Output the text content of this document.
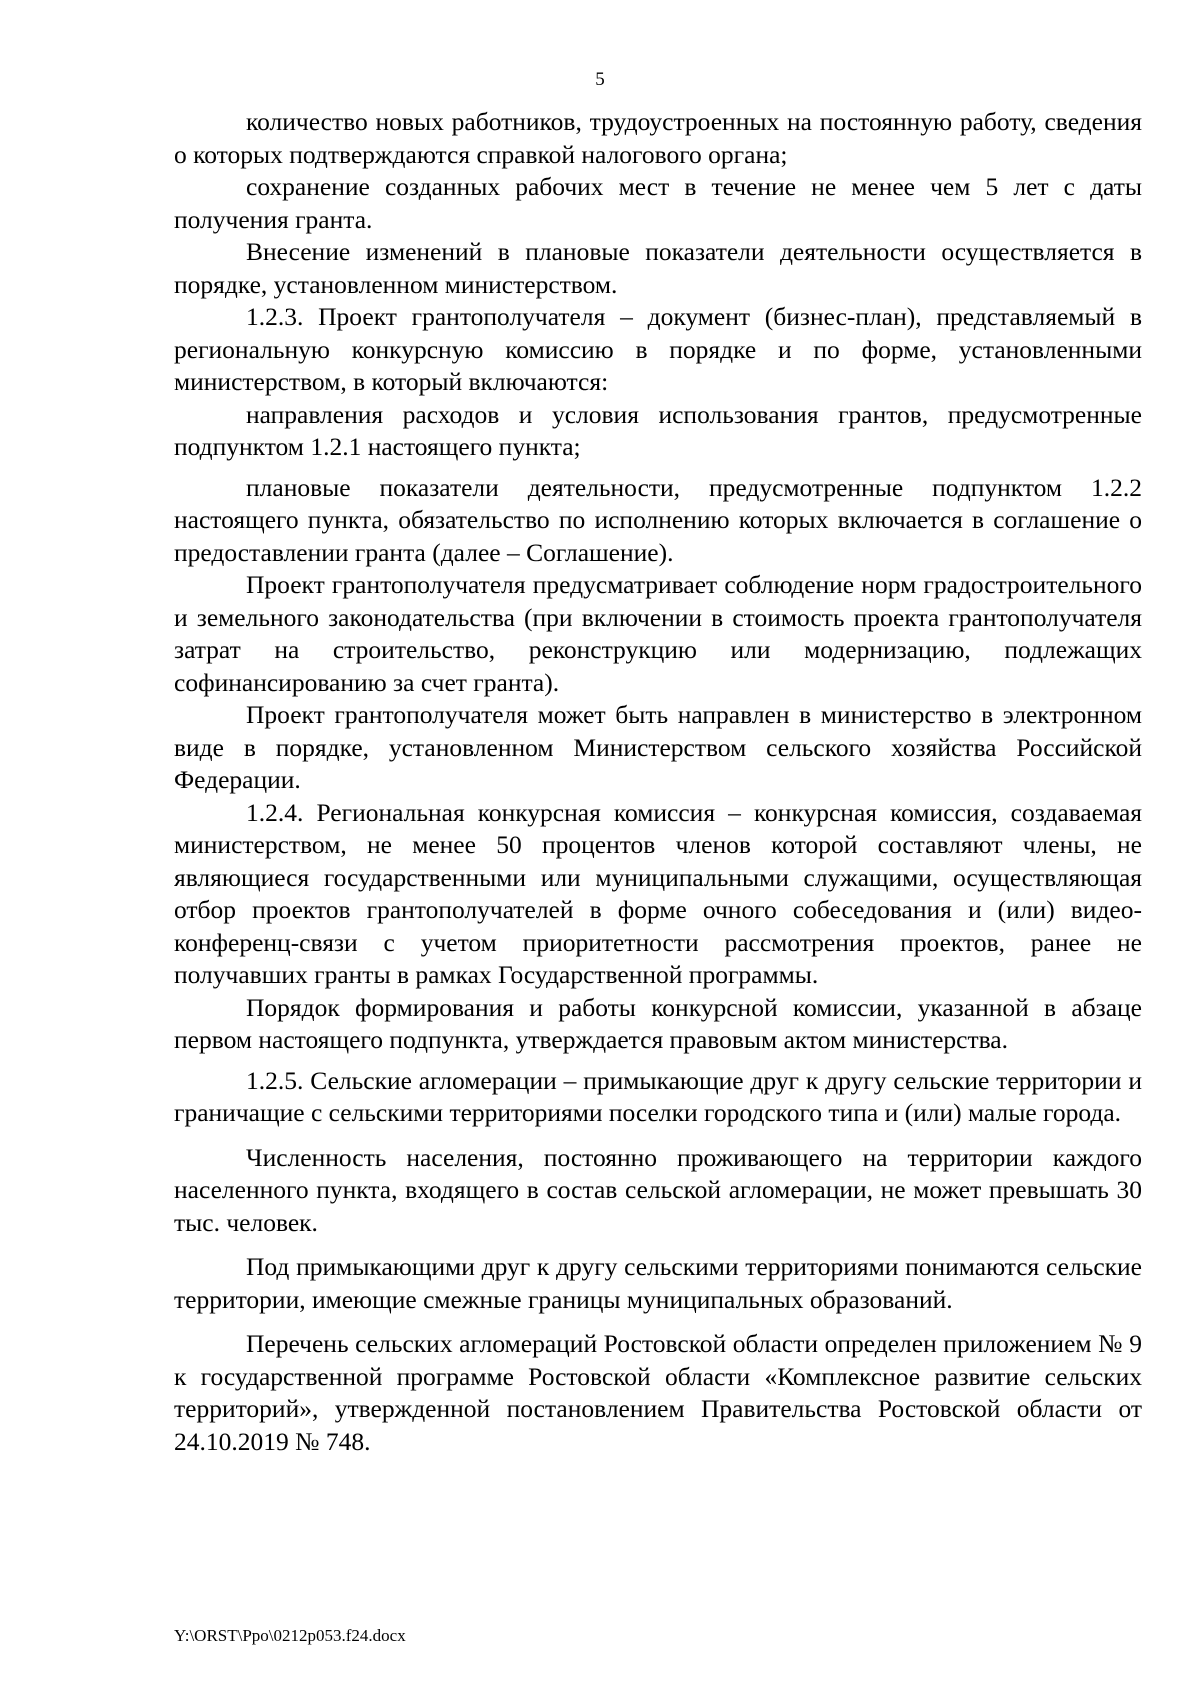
5

количество новых работников, трудоустроенных на постоянную работу, сведения о которых подтверждаются справкой налогового органа;

сохранение созданных рабочих мест в течение не менее чем 5 лет с даты получения гранта.

Внесение изменений в плановые показатели деятельности осуществляется в порядке, установленном министерством.

1.2.3. Проект грантополучателя – документ (бизнес-план), представляемый в региональную конкурсную комиссию в порядке и по форме, установленными министерством, в который включаются:

направления расходов и условия использования грантов, предусмотренные подпунктом 1.2.1 настоящего пункта;

плановые показатели деятельности, предусмотренные подпунктом 1.2.2 настоящего пункта, обязательство по исполнению которых включается в соглашение о предоставлении гранта (далее – Соглашение).

Проект грантополучателя предусматривает соблюдение норм градостроительного и земельного законодательства (при включении в стоимость проекта грантополучателя затрат на строительство, реконструкцию или модернизацию, подлежащих софинансированию за счет гранта).

Проект грантополучателя может быть направлен в министерство в электронном виде в порядке, установленном Министерством сельского хозяйства Российской Федерации.

1.2.4. Региональная конкурсная комиссия – конкурсная комиссия, создаваемая министерством, не менее 50 процентов членов которой составляют члены, не являющиеся государственными или муниципальными служащими, осуществляющая отбор проектов грантополучателей в форме очного собеседования и (или) видео-конференц-связи с учетом приоритетности рассмотрения проектов, ранее не получавших гранты в рамках Государственной программы.

Порядок формирования и работы конкурсной комиссии, указанной в абзаце первом настоящего подпункта, утверждается правовым актом министерства.

1.2.5. Сельские агломерации – примыкающие друг к другу сельские территории и граничащие с сельскими территориями поселки городского типа и (или) малые города.

Численность населения, постоянно проживающего на территории каждого населенного пункта, входящего в состав сельской агломерации, не может превышать 30 тыс. человек.

Под примыкающими друг к другу сельскими территориями понимаются сельские территории, имеющие смежные границы муниципальных образований.

Перечень сельских агломераций Ростовской области определен приложением № 9 к государственной программе Ростовской области «Комплексное развитие сельских территорий», утвержденной постановлением Правительства Ростовской области от 24.10.2019 № 748.

Y:\ORST\Ppo\0212p053.f24.docx
